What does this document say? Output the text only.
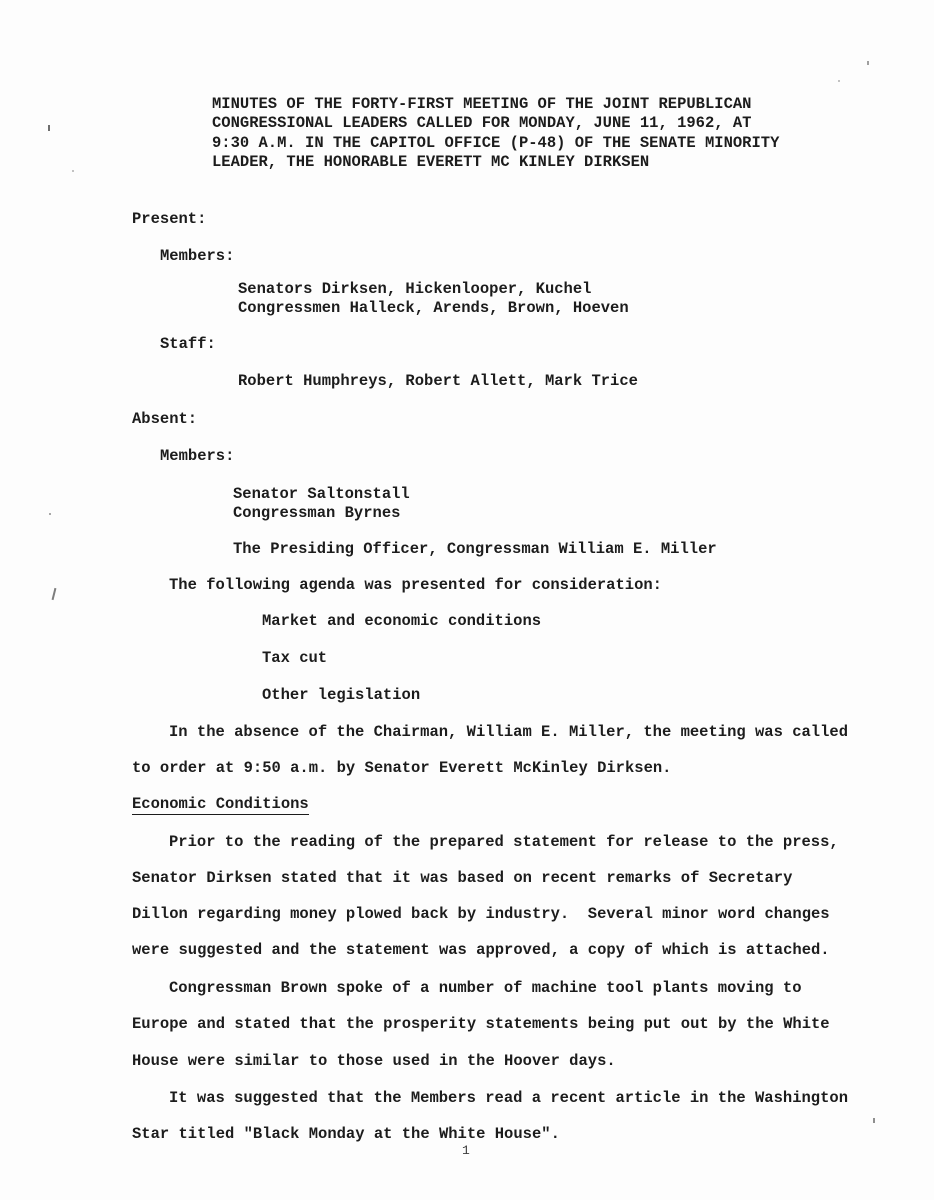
MINUTES OF THE FORTY-FIRST MEETING OF THE JOINT REPUBLICAN
CONGRESSIONAL LEADERS CALLED FOR MONDAY, JUNE 11, 1962, AT
9:30 A.M. IN THE CAPITOL OFFICE (P-48) OF THE SENATE MINORITY
LEADER, THE HONORABLE EVERETT MC KINLEY DIRKSEN
Present:
Members:
Senators Dirksen, Hickenlooper, Kuchel
Congressmen Halleck, Arends, Brown, Hoeven
Staff:
Robert Humphreys, Robert Allett, Mark Trice
Absent:
Members:
Senator Saltonstall
Congressman Byrnes
The Presiding Officer, Congressman William E. Miller
The following agenda was presented for consideration:
Market and economic conditions
Tax cut
Other legislation
In the absence of the Chairman, William E. Miller, the meeting was called
to order at 9:50 a.m. by Senator Everett McKinley Dirksen.
Economic Conditions
Prior to the reading of the prepared statement for release to the press,
Senator Dirksen stated that it was based on recent remarks of Secretary
Dillon regarding money plowed back by industry.  Several minor word changes
were suggested and the statement was approved, a copy of which is attached.
Congressman Brown spoke of a number of machine tool plants moving to
Europe and stated that the prosperity statements being put out by the White
House were similar to those used in the Hoover days.
It was suggested that the Members read a recent article in the Washington
Star titled "Black Monday at the White House".
1
